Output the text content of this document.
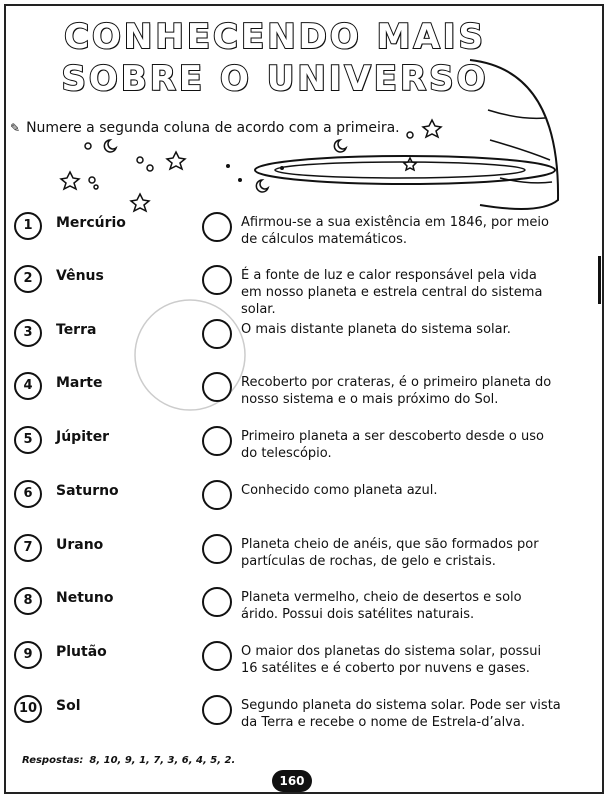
CONHECENDO MAIS
SOBRE O UNIVERSO
✎ Numere a segunda coluna de acordo com a primeira.
1	Mercúrio	Afirmou-se a sua existência em 1846, por meio de cálculos matemáticos.
2	Vênus	É a fonte de luz e calor responsável pela vida em nosso planeta e estrela central do sistema solar.
3	Terra	O mais distante planeta do sistema solar.
4	Marte	Recoberto por crateras, é o primeiro planeta do nosso sistema e o mais próximo do Sol.
5	Júpiter	Primeiro planeta a ser descoberto desde o uso do telescópio.
6	Saturno	Conhecido como planeta azul.
7	Urano	Planeta cheio de anéis, que são formados por partículas de rochas, de gelo e cristais.
8	Netuno	Planeta vermelho, cheio de desertos e solo árido. Possui dois satélites naturais.
9	Plutão	O maior dos planetas do sistema solar, possui 16 satélites e é coberto por nuvens e gases.
10	Sol	Segundo planeta do sistema solar. Pode ser vista da Terra e recebe o nome de Estrela-d’alva.
Respostas: 8, 10, 9, 1, 7, 3, 6, 4, 5, 2.
160
